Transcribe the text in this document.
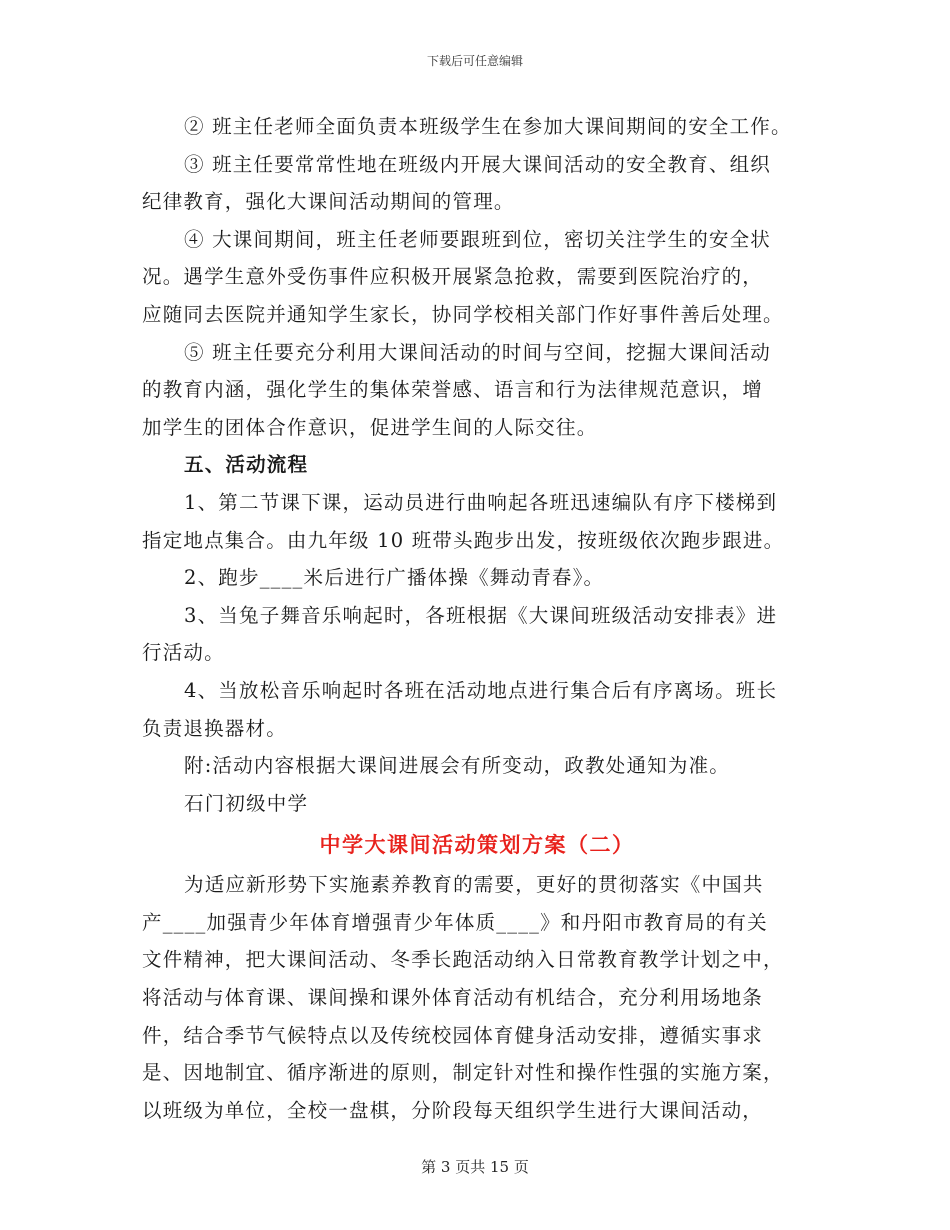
下载后可任意编辑
② 班主任老师全面负责本班级学生在参加大课间期间的安全工作。
③ 班主任要常常性地在班级内开展大课间活动的安全教育、组织
纪律教育，强化大课间活动期间的管理。
④ 大课间期间，班主任老师要跟班到位，密切关注学生的安全状
况。遇学生意外受伤事件应积极开展紧急抢救，需要到医院治疗的，
应随同去医院并通知学生家长，协同学校相关部门作好事件善后处理。
⑤ 班主任要充分利用大课间活动的时间与空间，挖掘大课间活动
的教育内涵，强化学生的集体荣誉感、语言和行为法律规范意识，增
加学生的团体合作意识，促进学生间的人际交往。
五、活动流程
1、第二节课下课，运动员进行曲响起各班迅速编队有序下楼梯到
指定地点集合。由九年级 10 班带头跑步出发，按班级依次跑步跟进。
2、跑步____米后进行广播体操《舞动青春》。
3、当兔子舞音乐响起时，各班根据《大课间班级活动安排表》进
行活动。
4、当放松音乐响起时各班在活动地点进行集合后有序离场。班长
负责退换器材。
附:活动内容根据大课间进展会有所变动，政教处通知为准。
石门初级中学
中学大课间活动策划方案（二）
为适应新形势下实施素养教育的需要，更好的贯彻落实《中国共
产____加强青少年体育增强青少年体质____》和丹阳市教育局的有关
文件精神，把大课间活动、冬季长跑活动纳入日常教育教学计划之中，
将活动与体育课、课间操和课外体育活动有机结合，充分利用场地条
件，结合季节气候特点以及传统校园体育健身活动安排，遵循实事求
是、因地制宜、循序渐进的原则，制定针对性和操作性强的实施方案，
以班级为单位，全校一盘棋，分阶段每天组织学生进行大课间活动，
第 3 页共 15 页
